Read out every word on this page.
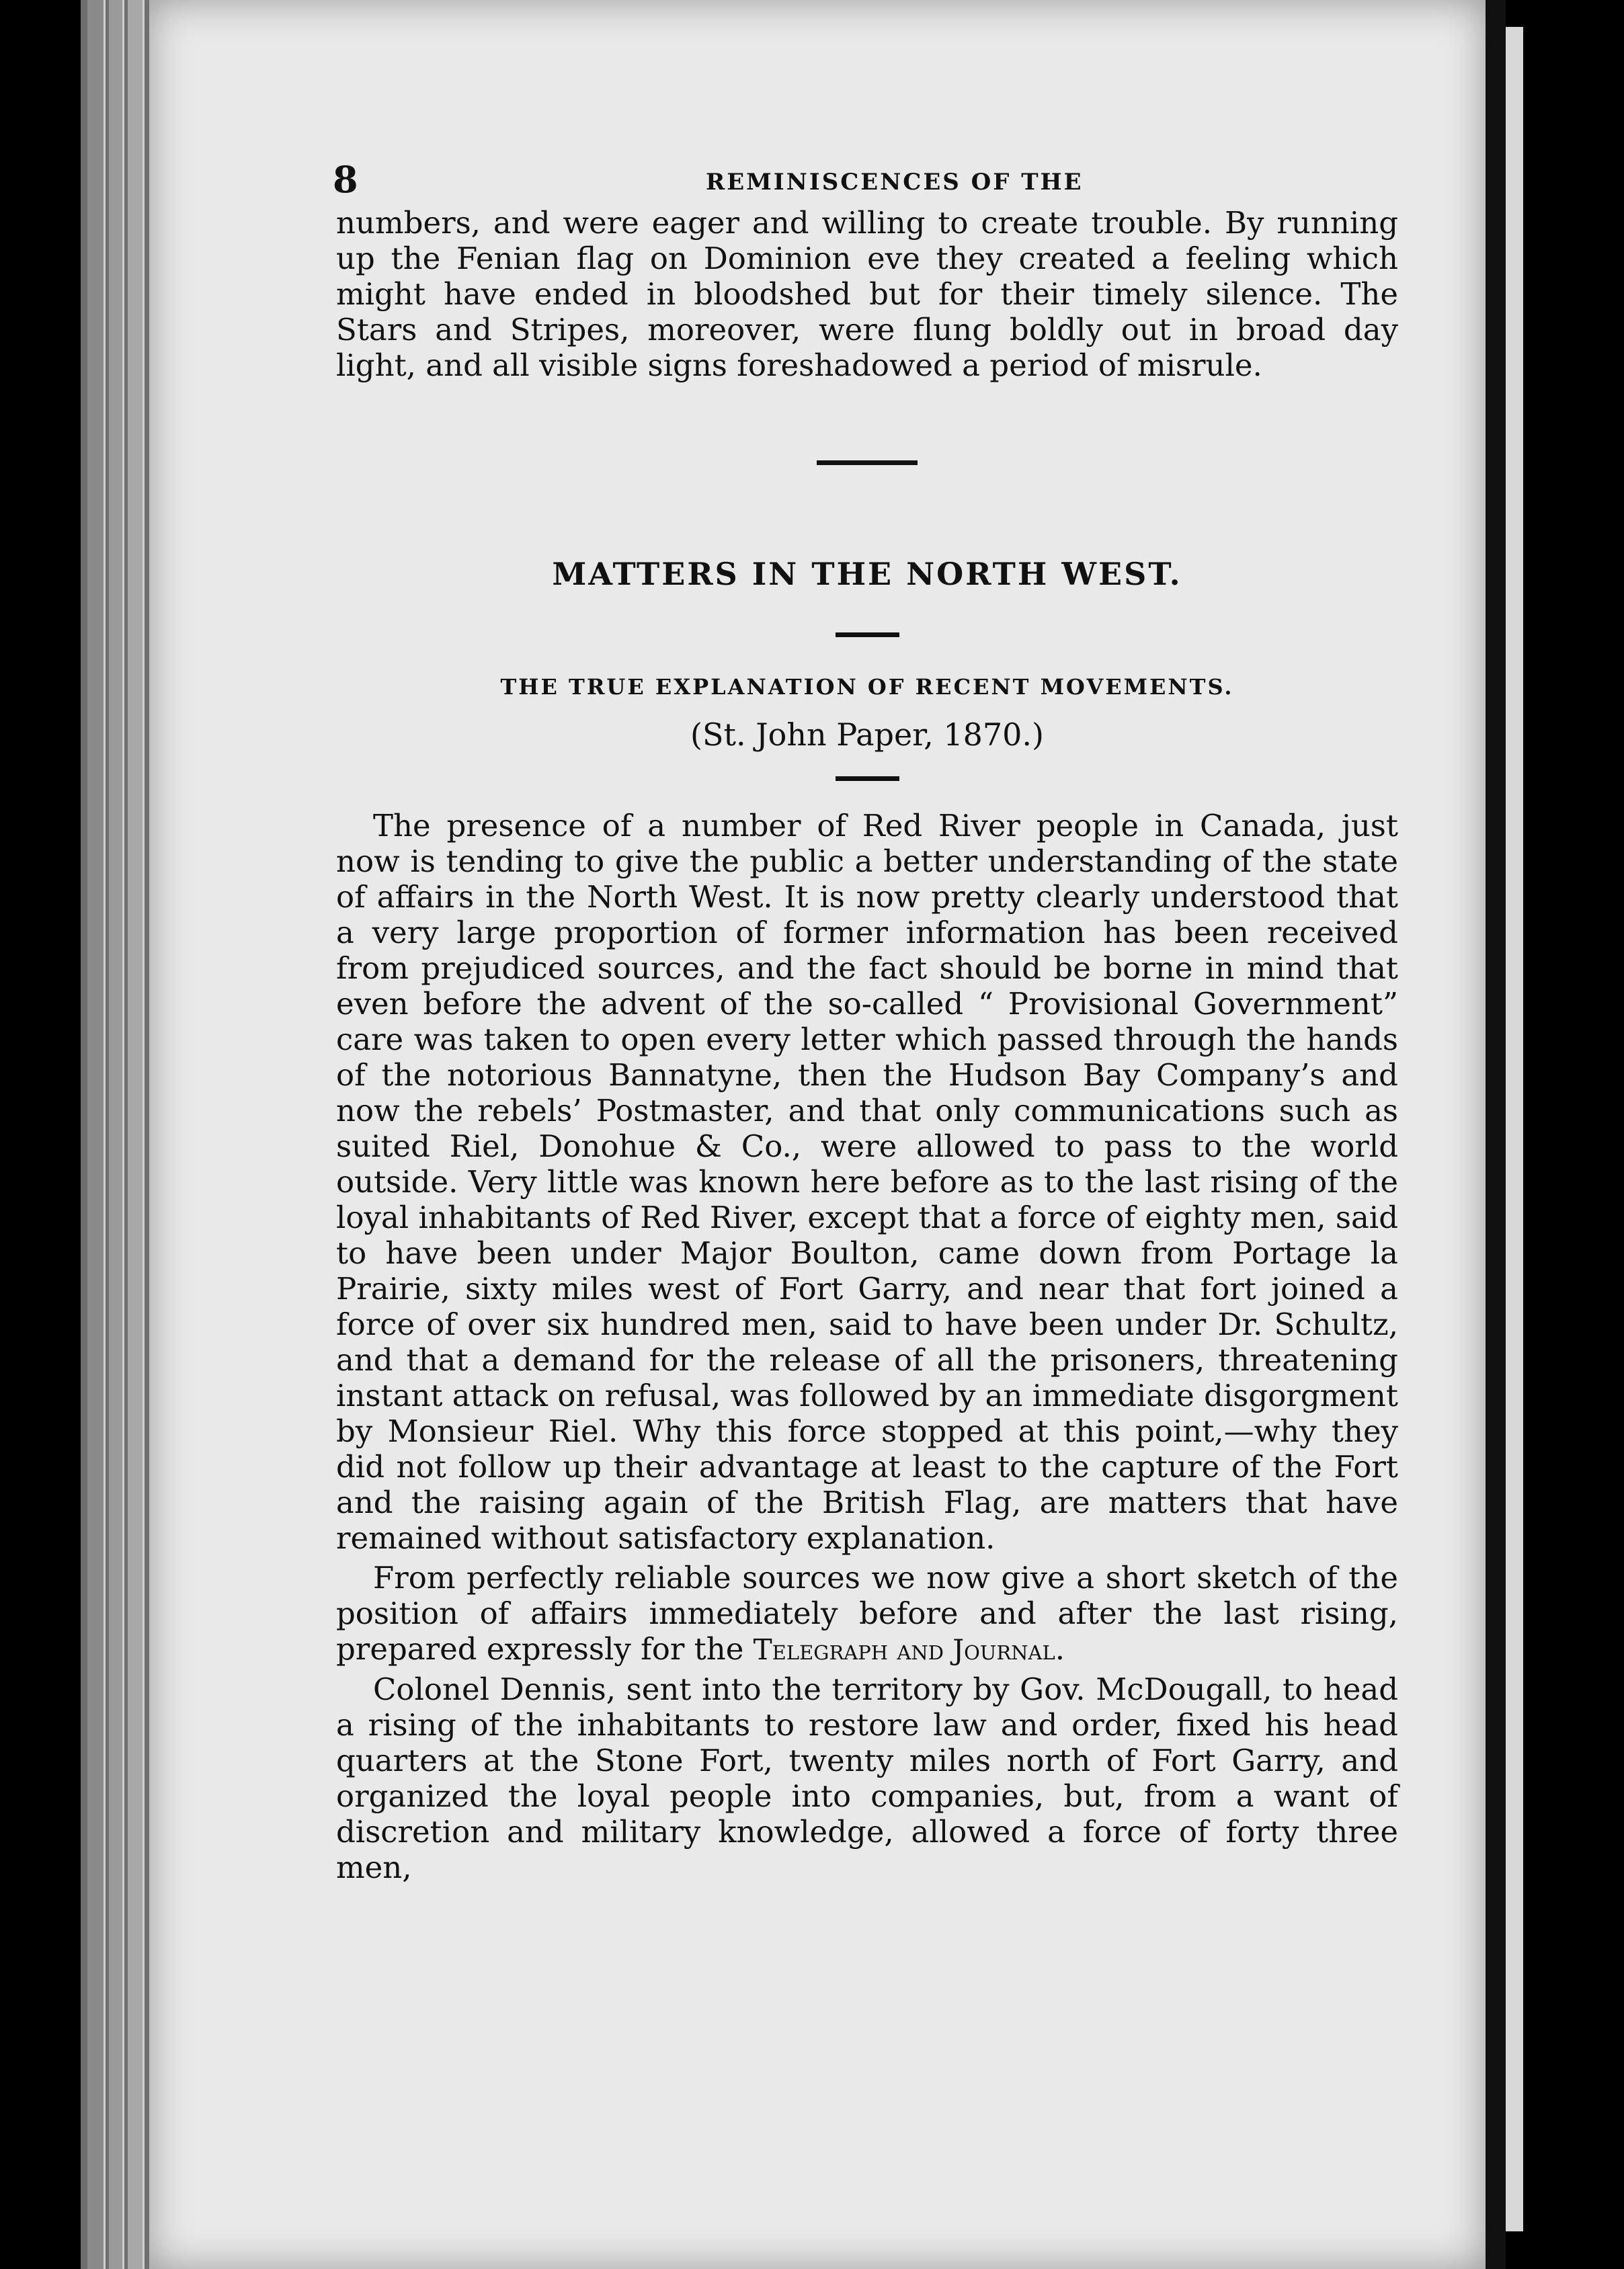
8	REMINISCENCES OF THE

numbers, and were eager and willing to create trouble. By running up the Fenian flag on Dominion eve they created a feeling which might have ended in bloodshed but for their timely silence. The Stars and Stripes, moreover, were flung boldly out in broad day light, and all visible signs foreshadowed a period of misrule.

MATTERS IN THE NORTH WEST.
THE TRUE EXPLANATION OF RECENT MOVEMENTS.
(St. John Paper, 1870.)

The presence of a number of Red River people in Canada, just now is tending to give the public a better understanding of the state of affairs in the North West. It is now pretty clearly understood that a very large proportion of former information has been received from prejudiced sources, and the fact should be borne in mind that even before the advent of the so-called “ Provisional Government” care was taken to open every letter which passed through the hands of the notorious Bannatyne, then the Hudson Bay Company’s and now the rebels’ Postmaster, and that only communications such as suited Riel, Donohue & Co., were allowed to pass to the world outside. Very little was known here before as to the last rising of the loyal inhabitants of Red River, except that a force of eighty men, said to have been under Major Boulton, came down from Portage la Prairie, sixty miles west of Fort Garry, and near that fort joined a force of over six hundred men, said to have been under Dr. Schultz, and that a demand for the release of all the prisoners, threatening instant attack on refusal, was followed by an immediate disgorgment by Monsieur Riel. Why this force stopped at this point,—why they did not follow up their advantage at least to the capture of the Fort and the raising again of the British Flag, are matters that have remained without satisfactory explanation.

From perfectly reliable sources we now give a short sketch of the position of affairs immediately before and after the last rising, prepared expressly for the Telegraph and Journal.

Colonel Dennis, sent into the territory by Gov. McDougall, to head a rising of the inhabitants to restore law and order, fixed his head quarters at the Stone Fort, twenty miles north of Fort Garry, and organized the loyal people into companies, but, from a want of discretion and military knowledge, allowed a force of forty three men,
